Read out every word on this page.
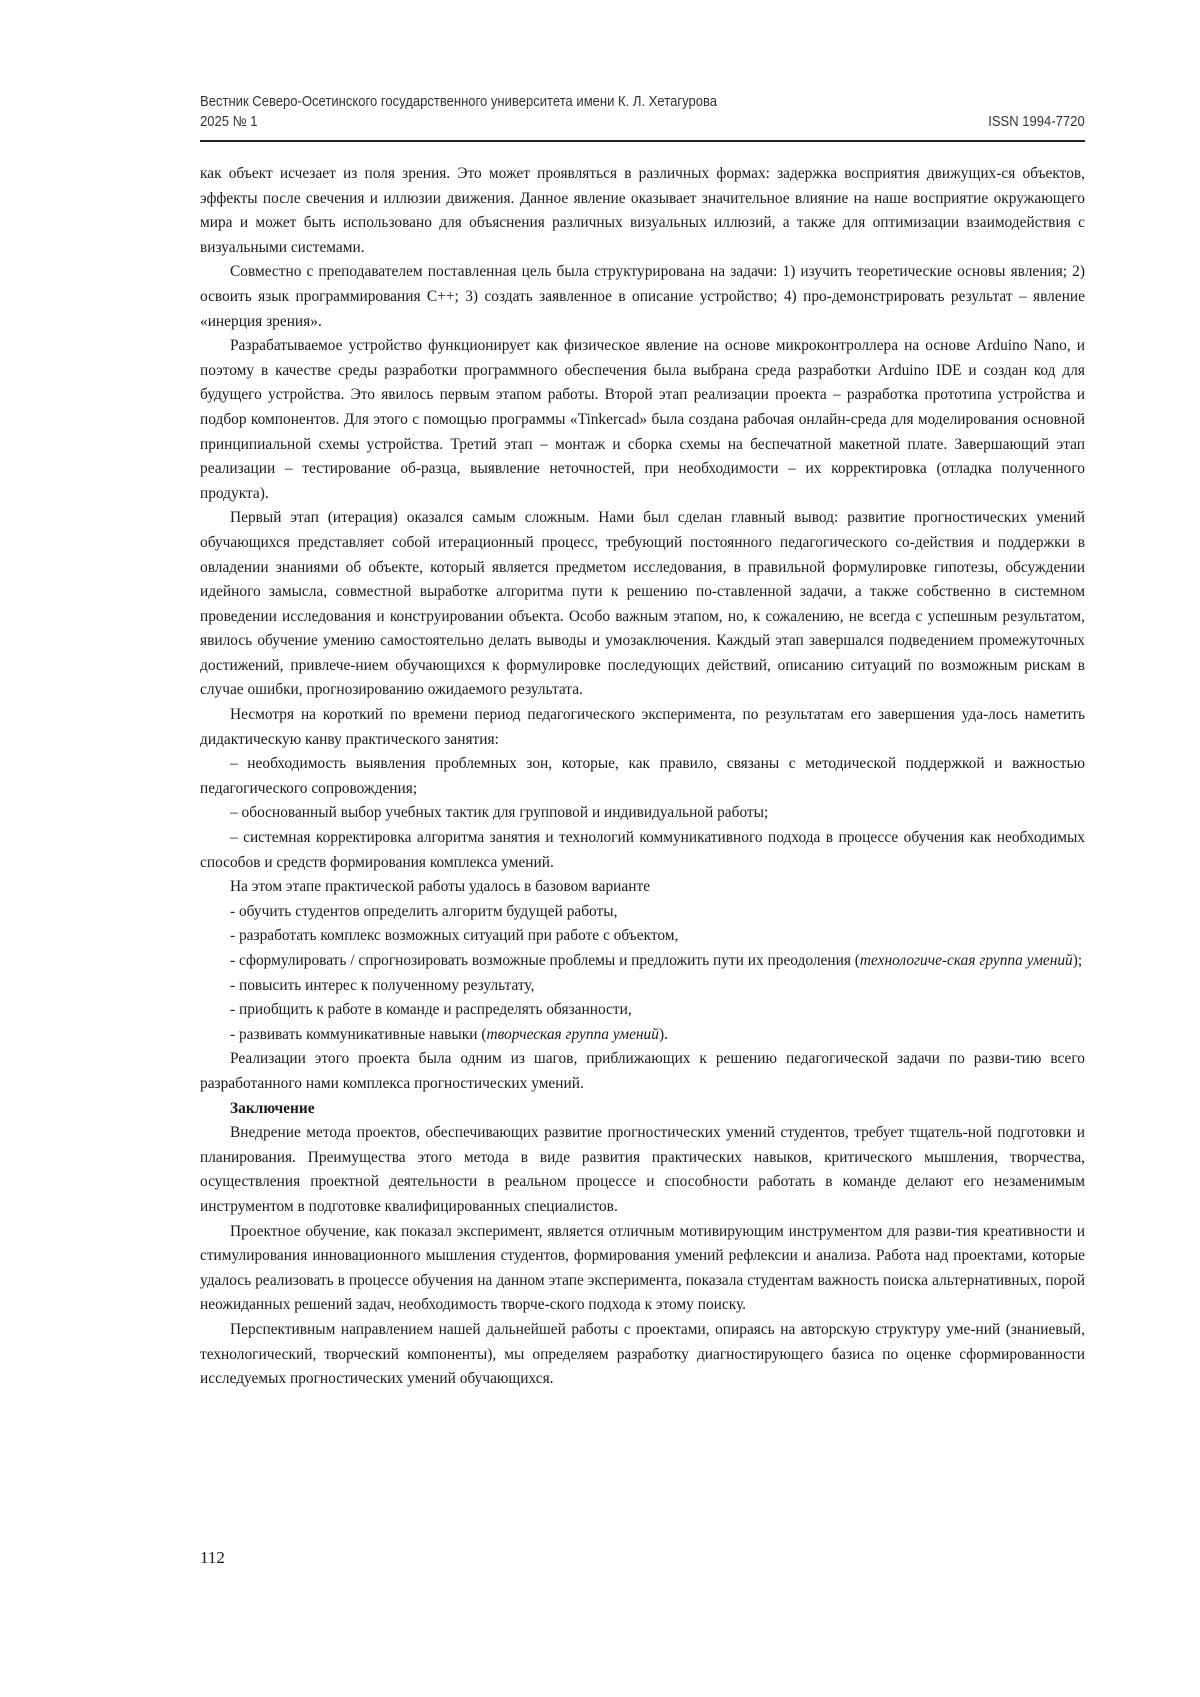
Вестник Северо-Осетинского государственного университета имени К. Л. Хетагурова
2025 № 1	ISSN 1994-7720

как объект исчезает из поля зрения. Это может проявляться в различных формах: задержка восприятия движущих-ся объектов, эффекты после свечения и иллюзии движения. Данное явление оказывает значительное влияние на наше восприятие окружающего мира и может быть использовано для объяснения различных визуальных иллюзий, а также для оптимизации взаимодействия с визуальными системами.

Совместно с преподавателем поставленная цель была структурирована на задачи: 1) изучить теоретические основы явления; 2) освоить язык программирования С++; 3) создать заявленное в описание устройство; 4) про-демонстрировать результат – явление «инерция зрения».

Разрабатываемое устройство функционирует как физическое явление на основе микроконтроллера на основе Arduino Nano, и поэтому в качестве среды разработки программного обеспечения была выбрана среда разработки Arduino IDE и создан код для будущего устройства. Это явилось первым этапом работы. Второй этап реализации проекта – разработка прототипа устройства и подбор компонентов. Для этого с помощью программы «Tinkercad» была создана рабочая онлайн-среда для моделирования основной принципиальной схемы устройства. Третий этап – монтаж и сборка схемы на беспечатной макетной плате. Завершающий этап реализации – тестирование об-разца, выявление неточностей, при необходимости – их корректировка (отладка полученного продукта).

Первый этап (итерация) оказался самым сложным. Нами был сделан главный вывод: развитие прогностических умений обучающихся представляет собой итерационный процесс, требующий постоянного педагогического со-действия и поддержки в овладении знаниями об объекте, который является предметом исследования, в правильной формулировке гипотезы, обсуждении идейного замысла, совместной выработке алгоритма пути к решению по-ставленной задачи, а также собственно в системном проведении исследования и конструировании объекта. Особо важным этапом, но, к сожалению, не всегда с успешным результатом, явилось обучение умению самостоятельно делать выводы и умозаключения. Каждый этап завершался подведением промежуточных достижений, привлече-нием обучающихся к формулировке последующих действий, описанию ситуаций по возможным рискам в случае ошибки, прогнозированию ожидаемого результата.

Несмотря на короткий по времени период педагогического эксперимента, по результатам его завершения уда-лось наметить дидактическую канву практического занятия:

– необходимость выявления проблемных зон, которые, как правило, связаны с методической поддержкой и важностью педагогического сопровождения;

– обоснованный выбор учебных тактик для групповой и индивидуальной работы;

– системная корректировка алгоритма занятия и технологий коммуникативного подхода в процессе обучения как необходимых способов и средств формирования комплекса умений.

На этом этапе практической работы удалось в базовом варианте

- обучить студентов определить алгоритм будущей работы,

- разработать комплекс возможных ситуаций при работе с объектом,

- сформулировать / спрогнозировать возможные проблемы и предложить пути их преодоления (технологиче-ская группа умений);

- повысить интерес к полученному результату,

- приобщить к работе в команде и распределять обязанности,

- развивать коммуникативные навыки (творческая группа умений).

Реализации этого проекта была одним из шагов, приближающих к решению педагогической задачи по разви-тию всего разработанного нами комплекса прогностических умений.

Заключение

Внедрение метода проектов, обеспечивающих развитие прогностических умений студентов, требует тщатель-ной подготовки и планирования. Преимущества этого метода в виде развития практических навыков, критического мышления, творчества, осуществления проектной деятельности в реальном процессе и способности работать в команде делают его незаменимым инструментом в подготовке квалифицированных специалистов.

Проектное обучение, как показал эксперимент, является отличным мотивирующим инструментом для разви-тия креативности и стимулирования инновационного мышления студентов, формирования умений рефлексии и анализа. Работа над проектами, которые удалось реализовать в процессе обучения на данном этапе эксперимента, показала студентам важность поиска альтернативных, порой неожиданных решений задач, необходимость творче-ского подхода к этому поиску.

Перспективным направлением нашей дальнейшей работы с проектами, опираясь на авторскую структуру уме-ний (знаниевый, технологический, творческий компоненты), мы определяем разработку диагностирующего базиса по оценке сформированности исследуемых прогностических умений обучающихся.

112
